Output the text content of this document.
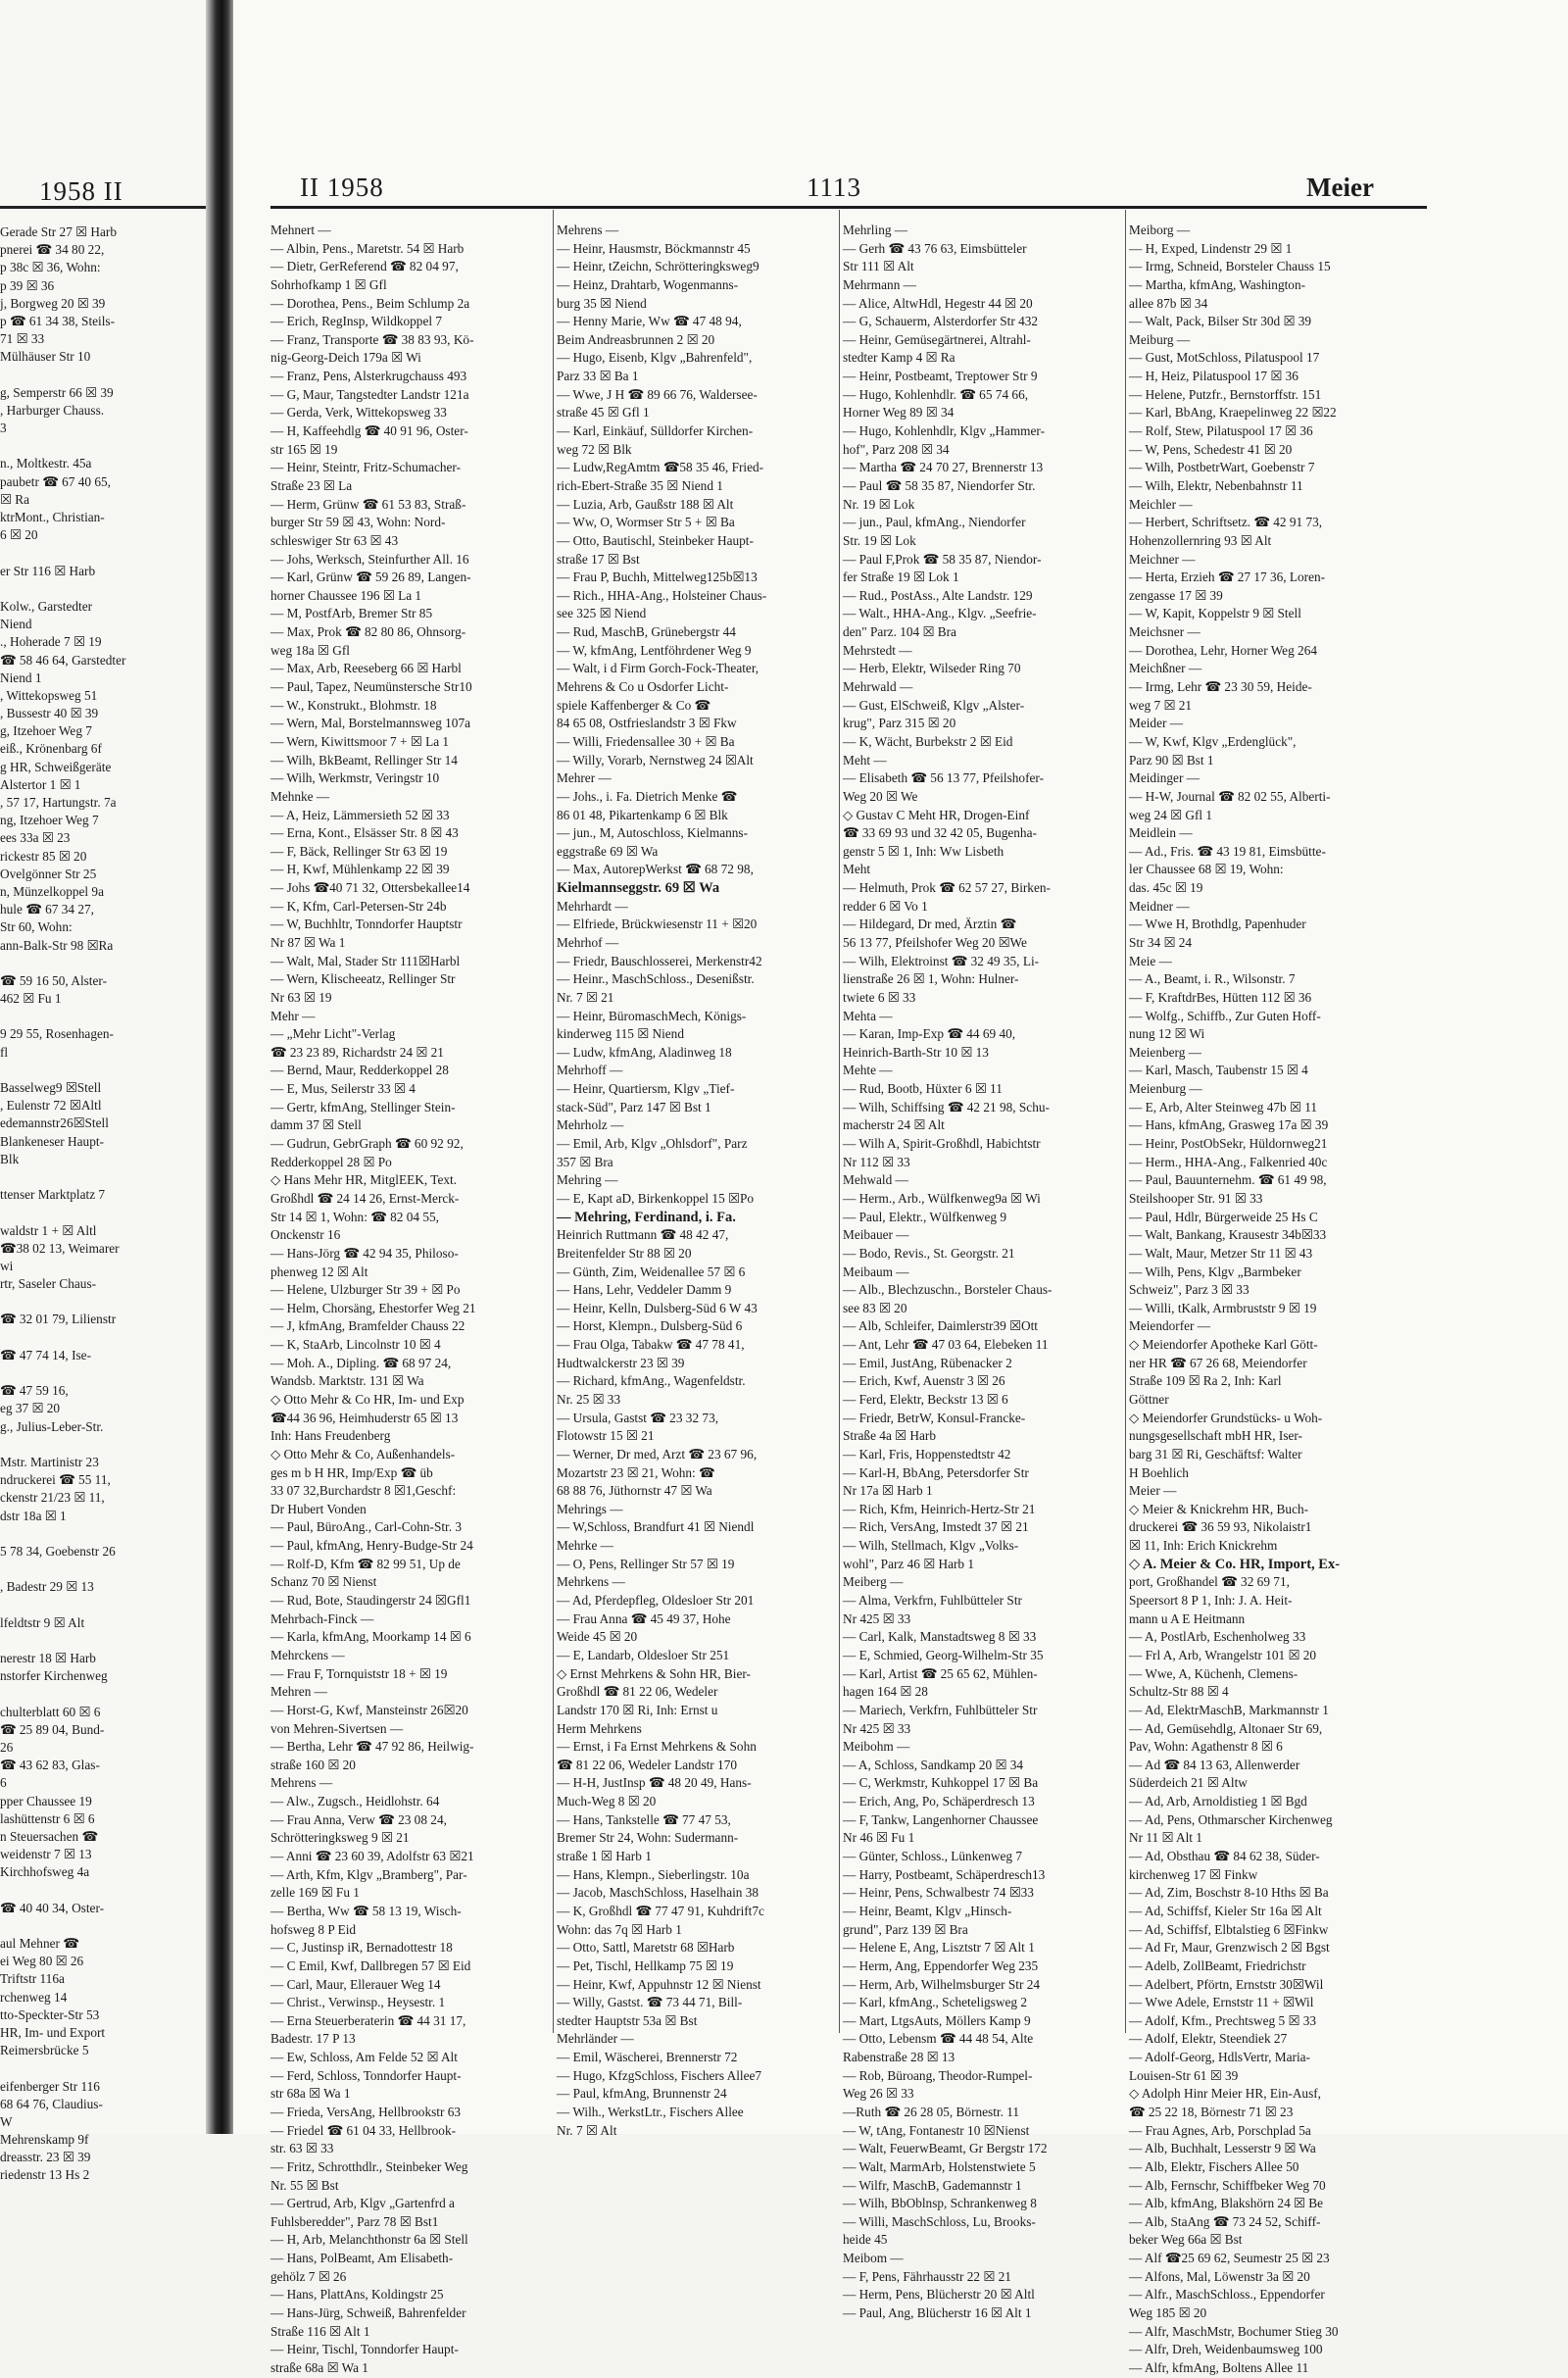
1958 II
Gerade Str 27 ☒ Harb
pnerei ☎ 34 80 22,
p 38c ☒ 36, Wohn:
p 39 ☒ 36
j, Borgweg 20 ☒ 39
p ☎ 61 34 38, Steils-
71 ☒ 33
Mülhäuser Str 10
g, Semperstr 66 ☒ 39
, Harburger Chauss.
3
n., Moltkestr. 45a
paubetr ☎ 67 40 65,
☒ Ra
ktrMont., Christian-
6 ☒ 20
er Str 116 ☒ Harb
Kolw., Garstedter
Niend
., Hoherade 7 ☒ 19
☎ 58 46 64, Garstedter
Niend 1
, Wittekopsweg 51
, Bussestr 40 ☒ 39
g, Itzehoer Weg 7
eiß., Krönenbarg 6f
g HR, Schweißgeräte
Alstertor 1 ☒ 1
, 57 17, Hartungstr. 7a
ng, Itzehoer Weg 7
ees 33a ☒ 23
rickestr 85 ☒ 20
Ovelgönner Str 25
n, Münzelkoppel 9a
hule ☎ 67 34 27,
Str 60, Wohn:
ann-Balk-Str 98 ☒Ra
☎ 59 16 50, Alster-
462 ☒ Fu 1
9 29 55, Rosenhagen-
fl
Basselweg9 ☒Stell
, Eulenstr 72 ☒Altl
edemannstr26☒Stell
Blankeneser Haupt-
Blk
ttenser Marktplatz 7
waldstr 1 + ☒ Altl
☎38 02 13, Weimarer
wi
rtr, Saseler Chaus-
☎ 32 01 79, Lilienstr
☎ 47 74 14, Ise-
☎ 47 59 16,
eg 37 ☒ 20
g., Julius-Leber-Str.
Mstr. Martinistr 23
ndruckerei ☎ 55 11,
ckenstr 21/23 ☒ 11,
dstr 18a ☒ 1
5 78 34, Goebenstr 26
, Badestr 29 ☒ 13
lfeldtstr 9 ☒ Alt
nerestr 18 ☒ Harb
nstorfer Kirchenweg
chulterblatt 60 ☒ 6
☎ 25 89 04, Bund-
26
☎ 43 62 83, Glas-
6
pper Chaussee 19
lashüttenstr 6 ☒ 6
n Steuersachen ☎
weidenstr 7 ☒ 13
Kirchhofsweg 4a
☎ 40 40 34, Oster-
aul Mehner ☎
ei Weg 80 ☒ 26
Triftstr 116a
rchenweg 14
tto-Speckter-Str 53
HR, Im- und Export
Reimersbrücke 5
eifenberger Str 116
68 64 76, Claudius-
W
Mehrenskamp 9f
dreasstr. 23 ☒ 39
riedenstr 13 Hs 2
II 1958	1113	Meier
Mehnert —
— Albin, Pens., Maretstr. 54 ☒ Harb
— Dietr, GerReferend ☎ 82 04 97,
Sohrhofkamp 1 ☒ Gfl
— Dorothea, Pens., Beim Schlump 2a
— Erich, RegInsp, Wildkoppel 7
— Franz, Transporte ☎ 38 83 93, Kö-
nig-Georg-Deich 179a ☒ Wi
— Franz, Pens, Alsterkrugchauss 493
— G, Maur, Tangstedter Landstr 121a
— Gerda, Verk, Wittekopsweg 33
— H, Kaffeehdlg ☎ 40 91 96, Oster-
str 165 ☒ 19
— Heinr, Steintr, Fritz-Schumacher-
Straße 23 ☒ La
— Herm, Grünw ☎ 61 53 83, Straß-
burger Str 59 ☒ 43, Wohn: Nord-
schleswiger Str 63 ☒ 43
— Johs, Werksch, Steinfurther All. 16
— Karl, Grünw ☎ 59 26 89, Langen-
horner Chaussee 196 ☒ La 1
— M, PostfArb, Bremer Str 85
— Max, Prok ☎ 82 80 86, Ohnsorg-
weg 18a ☒ Gfl
— Max, Arb, Reeseberg 66 ☒ Harbl
— Paul, Tapez, Neumünstersche Str10
— W., Konstrukt., Blohmstr. 18
— Wern, Mal, Borstelmannsweg 107a
— Wern, Kiwittsmoor 7 + ☒ La 1
— Wilh, BkBeamt, Rellinger Str 14
— Wilh, Werkmstr, Veringstr 10
Mehnke —
— A, Heiz, Lämmersieth 52 ☒ 33
— Erna, Kont., Elsässer Str. 8 ☒ 43
— F, Bäck, Rellinger Str 63 ☒ 19
— H, Kwf, Mühlenkamp 22 ☒ 39
— Johs ☎40 71 32, Ottersbekallee14
— K, Kfm, Carl-Petersen-Str 24b
— W, Buchhltr, Tonndorfer Hauptstr
Nr 87 ☒ Wa 1
— Walt, Mal, Stader Str 111☒Harbl
— Wern, Klischeeatz, Rellinger Str
Nr 63 ☒ 19
Mehr —
— „Mehr Licht"-Verlag
☎ 23 23 89, Richardstr 24 ☒ 21
— Bernd, Maur, Redderkoppel 28
— E, Mus, Seilerstr 33 ☒ 4
— Gertr, kfmAng, Stellinger Stein-
damm 37 ☒ Stell
— Gudrun, GebrGraph ☎ 60 92 92,
Redderkoppel 28 ☒ Po
◇ Hans Mehr HR, MitglEEK, Text.
Großhdl ☎ 24 14 26, Ernst-Merck-
Str 14 ☒ 1, Wohn: ☎ 82 04 55,
Onckenstr 16
— Hans-Jörg ☎ 42 94 35, Philoso-
phenweg 12 ☒ Alt
— Helene, Ulzburger Str 39 + ☒ Po
— Helm, Chorsäng, Ehestorfer Weg 21
— J, kfmAng, Bramfelder Chauss 22
— K, StaArb, Lincolnstr 10 ☒ 4
— Moh. A., Dipling. ☎ 68 97 24,
Wandsb. Marktstr. 131 ☒ Wa
◇ Otto Mehr & Co HR, Im- und Exp
☎44 36 96, Heimhuderstr 65 ☒ 13
Inh: Hans Freudenberg
◇ Otto Mehr & Co, Außenhandels-
ges m b H HR, Imp/Exp ☎ üb
33 07 32,Burchardstr 8 ☒1,Geschf:
Dr Hubert Vonden
— Paul, BüroAng., Carl-Cohn-Str. 3
— Paul, kfmAng, Henry-Budge-Str 24
— Rolf-D, Kfm ☎ 82 99 51, Up de
Schanz 70 ☒ Nienst
— Rud, Bote, Staudingerstr 24 ☒Gfl1
Mehrbach-Finck —
— Karla, kfmAng, Moorkamp 14 ☒ 6
Mehrckens —
— Frau F, Tornquiststr 18 + ☒ 19
Mehren —
— Horst-G, Kwf, Mansteinstr 26☒20
von Mehren-Sivertsen —
— Bertha, Lehr ☎ 47 92 86, Heilwig-
straße 160 ☒ 20
Mehrens —
— Alw., Zugsch., Heidlohstr. 64
— Frau Anna, Verw ☎ 23 08 24,
Schrötteringksweg 9 ☒ 21
— Anni ☎ 23 60 39, Adolfstr 63 ☒21
— Arth, Kfm, Klgv „Bramberg", Par-
zelle 169 ☒ Fu 1
— Bertha, Ww ☎ 58 13 19, Wisch-
hofsweg 8 P Eid
— C, Justinsp iR, Bernadottestr 18
— C Emil, Kwf, Dallbregen 57 ☒ Eid
— Carl, Maur, Ellerauer Weg 14
— Christ., Verwinsp., Heysestr. 1
— Erna Steuerberaterin ☎ 44 31 17,
Badestr. 17 P 13
— Ew, Schloss, Am Felde 52 ☒ Alt
— Ferd, Schloss, Tonndorfer Haupt-
str 68a ☒ Wa 1
— Frieda, VersAng, Hellbrookstr 63
— Friedel ☎ 61 04 33, Hellbrook-
str. 63 ☒ 33
— Fritz, Schrotthdlr., Steinbeker Weg
Nr. 55 ☒ Bst
— Gertrud, Arb, Klgv „Gartenfrd a
Fuhlsberedder", Parz 78 ☒ Bst1
— H, Arb, Melanchthonstr 6a ☒ Stell
— Hans, PolBeamt, Am Elisabeth-
gehölz 7 ☒ 26
— Hans, PlattAns, Koldingstr 25
— Hans-Jürg, Schweiß, Bahrenfelder
Straße 116 ☒ Alt 1
— Heinr, Tischl, Tonndorfer Haupt-
straße 68a ☒ Wa 1
Mehrens —
— Heinr, Hausmstr, Böckmannstr 45
— Heinr, tZeichn, Schrötteringksweg9
— Heinz, Drahtarb, Wogenmanns-
burg 35 ☒ Niend
— Henny Marie, Ww ☎ 47 48 94,
Beim Andreasbrunnen 2 ☒ 20
— Hugo, Eisenb, Klgv „Bahrenfeld",
Parz 33 ☒ Ba 1
— Wwe, J H ☎ 89 66 76, Waldersee-
straße 45 ☒ Gfl 1
— Karl, Einkäuf, Sülldorfer Kirchen-
weg 72 ☒ Blk
— Ludw,RegAmtm ☎58 35 46, Fried-
rich-Ebert-Straße 35 ☒ Niend 1
— Luzia, Arb, Gaußstr 188 ☒ Alt
— Ww, O, Wormser Str 5 + ☒ Ba
— Otto, Bautischl, Steinbeker Haupt-
straße 17 ☒ Bst
— Frau P, Buchh, Mittelweg125b☒13
— Rich., HHA-Ang., Holsteiner Chaus-
see 325 ☒ Niend
— Rud, MaschB, Grünebergstr 44
— W, kfmAng, Lentföhrdener Weg 9
— Walt, i d Firm Gorch-Fock-Theater,
Mehrens & Co u Osdorfer Licht-
spiele Kaffenberger & Co ☎
84 65 08, Ostfrieslandstr 3 ☒ Fkw
— Willi, Friedensallee 30 + ☒ Ba
— Willy, Vorarb, Nernstweg 24 ☒Alt
Mehrer —
— Johs., i. Fa. Dietrich Menke ☎
86 01 48, Pikartenkamp 6 ☒ Blk
— jun., M, Autoschloss, Kielmanns-
eggstraße 69 ☒ Wa
— Max, AutorepWerkst ☎ 68 72 98,
Kielmannseggstr. 69 ☒ Wa
Mehrhardt —
— Elfriede, Brückwiesenstr 11 + ☒20
Mehrhof —
— Friedr, Bauschlosserei, Merkenstr42
— Heinr., MaschSchloss., Desenißstr.
Nr. 7 ☒ 21
— Heinr, BüromaschMech, Königs-
kinderweg 115 ☒ Niend
— Ludw, kfmAng, Aladinweg 18
Mehrhoff —
— Heinr, Quartiersm, Klgv „Tief-
stack-Süd", Parz 147 ☒ Bst 1
Mehrholz —
— Emil, Arb, Klgv „Ohlsdorf", Parz
357 ☒ Bra
Mehring —
— E, Kapt aD, Birkenkoppel 15 ☒Po
— Mehring, Ferdinand, i. Fa.
Heinrich Ruttmann ☎ 48 42 47,
Breitenfelder Str 88 ☒ 20
— Günth, Zim, Weidenallee 57 ☒ 6
— Hans, Lehr, Veddeler Damm 9
— Heinr, Kelln, Dulsberg-Süd 6 W 43
— Horst, Klempn., Dulsberg-Süd 6
— Frau Olga, Tabakw ☎ 47 78 41,
Hudtwalckerstr 23 ☒ 39
— Richard, kfmAng., Wagenfeldstr.
Nr. 25 ☒ 33
— Ursula, Gastst ☎ 23 32 73,
Flotowstr 15 ☒ 21
— Werner, Dr med, Arzt ☎ 23 67 96,
Mozartstr 23 ☒ 21, Wohn: ☎
68 88 76, Jüthornstr 47 ☒ Wa
Mehrings —
— W,Schloss, Brandfurt 41 ☒ Niendl
Mehrke —
— O, Pens, Rellinger Str 57 ☒ 19
Mehrkens —
— Ad, Pferdepfleg, Oldesloer Str 201
— Frau Anna ☎ 45 49 37, Hohe
Weide 45 ☒ 20
— E, Landarb, Oldesloer Str 251
◇ Ernst Mehrkens & Sohn HR, Bier-
Großhdl ☎ 81 22 06, Wedeler
Landstr 170 ☒ Ri, Inh: Ernst u
Herm Mehrkens
— Ernst, i Fa Ernst Mehrkens & Sohn
☎ 81 22 06, Wedeler Landstr 170
— H-H, JustInsp ☎ 48 20 49, Hans-
Much-Weg 8 ☒ 20
— Hans, Tankstelle ☎ 77 47 53,
Bremer Str 24, Wohn: Sudermann-
straße 1 ☒ Harb 1
— Hans, Klempn., Sieberlingstr. 10a
— Jacob, MaschSchloss, Haselhain 38
— K, Großhdl ☎ 77 47 91, Kuhdrift7c
Wohn: das 7q ☒ Harb 1
— Otto, Sattl, Maretstr 68 ☒Harb
— Pet, Tischl, Hellkamp 75 ☒ 19
— Heinr, Kwf, Appuhnstr 12 ☒ Nienst
— Willy, Gastst. ☎ 73 44 71, Bill-
stedter Hauptstr 53a ☒ Bst
Mehrländer —
— Emil, Wäscherei, Brennerstr 72
— Hugo, KfzgSchloss, Fischers Allee7
— Paul, kfmAng, Brunnenstr 24
— Wilh., WerkstLtr., Fischers Allee
Nr. 7 ☒ Alt
Mehrling —
— Gerh ☎ 43 76 63, Eimsbütteler
Str 111 ☒ Alt
Mehrmann —
— Alice, AltwHdl, Hegestr 44 ☒ 20
— G, Schauerm, Alsterdorfer Str 432
— Heinr, Gemüsegärtnerei, Altrahl-
stedter Kamp 4 ☒ Ra
— Heinr, Postbeamt, Treptower Str 9
— Hugo, Kohlenhdlr. ☎ 65 74 66,
Horner Weg 89 ☒ 34
— Hugo, Kohlenhdlr, Klgv „Hammer-
hof", Parz 208 ☒ 34
— Martha ☎ 24 70 27, Brennerstr 13
— Paul ☎ 58 35 87, Niendorfer Str.
Nr. 19 ☒ Lok
— jun., Paul, kfmAng., Niendorfer
Str. 19 ☒ Lok
— Paul F,Prok ☎ 58 35 87, Niendor-
fer Straße 19 ☒ Lok 1
— Rud., PostAss., Alte Landstr. 129
— Walt., HHA-Ang., Klgv. „Seefrie-
den" Parz. 104 ☒ Bra
Mehrstedt —
— Herb, Elektr, Wilseder Ring 70
Mehrwald —
— Gust, ElSchweiß, Klgv „Alster-
krug", Parz 315 ☒ 20
— K, Wächt, Burbekstr 2 ☒ Eid
Meht —
— Elisabeth ☎ 56 13 77, Pfeilshofer-
Weg 20 ☒ We
◇ Gustav C Meht HR, Drogen-Einf
☎ 33 69 93 und 32 42 05, Bugenha-
genstr 5 ☒ 1, Inh: Ww Lisbeth
Meht
— Helmuth, Prok ☎ 62 57 27, Birken-
redder 6 ☒ Vo 1
— Hildegard, Dr med, Ärztin ☎
56 13 77, Pfeilshofer Weg 20 ☒We
— Wilh, Elektroinst ☎ 32 49 35, Li-
lienstraße 26 ☒ 1, Wohn: Hulner-
twiete 6 ☒ 33
Mehta —
— Karan, Imp-Exp ☎ 44 69 40,
Heinrich-Barth-Str 10 ☒ 13
Mehte —
— Rud, Bootb, Hüxter 6 ☒ 11
— Wilh, Schiffsing ☎ 42 21 98, Schu-
macherstr 24 ☒ Alt
— Wilh A, Spirit-Großhdl, Habichtstr
Nr 112 ☒ 33
Mehwald —
— Herm., Arb., Wülfkenweg9a ☒ Wi
— Paul, Elektr., Wülfkenweg 9
Meibauer —
— Bodo, Revis., St. Georgstr. 21
Meibaum —
— Alb., Blechzuschn., Borsteler Chaus-
see 83 ☒ 20
— Alb, Schleifer, Daimlerstr39 ☒Ott
— Ant, Lehr ☎ 47 03 64, Elebeken 11
— Emil, JustAng, Rübenacker 2
— Erich, Kwf, Auenstr 3 ☒ 26
— Ferd, Elektr, Beckstr 13 ☒ 6
— Friedr, BetrW, Konsul-Francke-
Straße 4a ☒ Harb
— Karl, Fris, Hoppenstedtstr 42
— Karl-H, BbAng, Petersdorfer Str
Nr 17a ☒ Harb 1
— Rich, Kfm, Heinrich-Hertz-Str 21
— Rich, VersAng, Imstedt 37 ☒ 21
— Wilh, Stellmach, Klgv „Volks-
wohl", Parz 46 ☒ Harb 1
Meiberg —
— Alma, Verkfrn, Fuhlbütteler Str
Nr 425 ☒ 33
— Carl, Kalk, Manstadtsweg 8 ☒ 33
— E, Schmied, Georg-Wilhelm-Str 35
— Karl, Artist ☎ 25 65 62, Mühlen-
hagen 164 ☒ 28
— Mariech, Verkfrn, Fuhlbütteler Str
Nr 425 ☒ 33
Meibohm —
— A, Schloss, Sandkamp 20 ☒ 34
— C, Werkmstr, Kuhkoppel 17 ☒ Ba
— Erich, Ang, Po, Schäperdresch 13
— F, Tankw, Langenhorner Chaussee
Nr 46 ☒ Fu 1
— Günter, Schloss., Lünkenweg 7
— Harry, Postbeamt, Schäperdresch13
— Heinr, Pens, Schwalbestr 74 ☒33
— Heinr, Beamt, Klgv „Hinsch-
grund", Parz 139 ☒ Bra
— Helene E, Ang, Lisztstr 7 ☒ Alt 1
— Herm, Ang, Eppendorfer Weg 235
— Herm, Arb, Wilhelmsburger Str 24
— Karl, kfmAng., Scheteligsweg 2
— Mart, LtgsAuts, Möllers Kamp 9
— Otto, Lebensm ☎ 44 48 54, Alte
Rabenstraße 28 ☒ 13
— Rob, Büroang, Theodor-Rumpel-
Weg 26 ☒ 33
—Ruth ☎ 26 28 05, Börnestr. 11
— W, tAng, Fontanestr 10 ☒Nienst
— Walt, FeuerwBeamt, Gr Bergstr 172
— Walt, MarmArb, Holstenstwiete 5
— Wilfr, MaschB, Gademannstr 1
— Wilh, BbOblnsp, Schrankenweg 8
— Willi, MaschSchloss, Lu, Brooks-
heide 45
Meibom —
— F, Pens, Fährhausstr 22 ☒ 21
— Herm, Pens, Blücherstr 20 ☒ Altl
— Paul, Ang, Blücherstr 16 ☒ Alt 1
Meiborg —
— H, Exped, Lindenstr 29 ☒ 1
— Irmg, Schneid, Borsteler Chauss 15
— Martha, kfmAng, Washington-
allee 87b ☒ 34
— Walt, Pack, Bilser Str 30d ☒ 39
Meiburg —
— Gust, MotSchloss, Pilatuspool 17
— H, Heiz, Pilatuspool 17 ☒ 36
— Helene, Putzfr., Bernstorffstr. 151
— Karl, BbAng, Kraepelinweg 22 ☒22
— Rolf, Stew, Pilatuspool 17 ☒ 36
— W, Pens, Schedestr 41 ☒ 20
— Wilh, PostbetrWart, Goebenstr 7
— Wilh, Elektr, Nebenbahnstr 11
Meichler —
— Herbert, Schriftsetz. ☎ 42 91 73,
Hohenzollernring 93 ☒ Alt
Meichner —
— Herta, Erzieh ☎ 27 17 36, Loren-
zengasse 17 ☒ 39
— W, Kapit, Koppelstr 9 ☒ Stell
Meichsner —
— Dorothea, Lehr, Horner Weg 264
Meichßner —
— Irmg, Lehr ☎ 23 30 59, Heide-
weg 7 ☒ 21
Meider —
— W, Kwf, Klgv „Erdenglück",
Parz 90 ☒ Bst 1
Meidinger —
— H-W, Journal ☎ 82 02 55, Alberti-
weg 24 ☒ Gfl 1
Meidlein —
— Ad., Fris. ☎ 43 19 81, Eimsbütte-
ler Chaussee 68 ☒ 19, Wohn:
das. 45c ☒ 19
Meidner —
— Wwe H, Brothdlg, Papenhuder
Str 34 ☒ 24
Meie —
— A., Beamt, i. R., Wilsonstr. 7
— F, KraftdrBes, Hütten 112 ☒ 36
— Wolfg., Schiffb., Zur Guten Hoff-
nung 12 ☒ Wi
Meienberg —
— Karl, Masch, Taubenstr 15 ☒ 4
Meienburg —
— E, Arb, Alter Steinweg 47b ☒ 11
— Hans, kfmAng, Grasweg 17a ☒ 39
— Heinr, PostObSekr, Hüldornweg21
— Herm., HHA-Ang., Falkenried 40c
— Paul, Bauunternehm. ☎ 61 49 98,
Steilshooper Str. 91 ☒ 33
— Paul, Hdlr, Bürgerweide 25 Hs C
— Walt, Bankang, Krausestr 34b☒33
— Walt, Maur, Metzer Str 11 ☒ 43
— Wilh, Pens, Klgv „Barmbeker
Schweiz", Parz 3 ☒ 33
— Willi, tKalk, Armbruststr 9 ☒ 19
Meiendorfer —
◇ Meiendorfer Apotheke Karl Gött-
ner HR ☎ 67 26 68, Meiendorfer
Straße 109 ☒ Ra 2, Inh: Karl
Göttner
◇ Meiendorfer Grundstücks- u Woh-
nungsgesellschaft mbH HR, Iser-
barg 31 ☒ Ri, Geschäftsf: Walter
H Boehlich
Meier —
◇ Meier & Knickrehm HR, Buch-
druckerei ☎ 36 59 93, Nikolaistr1
☒ 11, Inh: Erich Knickrehm
◇ A. Meier & Co. HR, Import, Ex-
port, Großhandel ☎ 32 69 71,
Speersort 8 P 1, Inh: J. A. Heit-
mann u A E Heitmann
— A, PostlArb, Eschenholweg 33
— Frl A, Arb, Wrangelstr 101 ☒ 20
— Wwe, A, Küchenh, Clemens-
Schultz-Str 88 ☒ 4
— Ad, ElektrMaschB, Markmannstr 1
— Ad, Gemüsehdlg, Altonaer Str 69,
Pav, Wohn: Agathenstr 8 ☒ 6
— Ad ☎ 84 13 63, Allenwerder
Süderdeich 21 ☒ Altw
— Ad, Arb, Arnoldistieg 1 ☒ Bgd
— Ad, Pens, Othmarscher Kirchenweg
Nr 11 ☒ Alt 1
— Ad, Obsthau ☎ 84 62 38, Süder-
kirchenweg 17 ☒ Finkw
— Ad, Zim, Boschstr 8-10 Hths ☒ Ba
— Ad, Schiffsf, Kieler Str 16a ☒ Alt
— Ad, Schiffsf, Elbtalstieg 6 ☒Finkw
— Ad Fr, Maur, Grenzwisch 2 ☒ Bgst
— Adelb, ZollBeamt, Friedrichstr
— Adelbert, Pförtn, Ernststr 30☒Wil
— Wwe Adele, Ernststr 11 + ☒Wil
— Adolf, Kfm., Prechtsweg 5 ☒ 33
— Adolf, Elektr, Steendiek 27
— Adolf-Georg, HdlsVertr, Maria-
Louisen-Str 61 ☒ 39
◇ Adolph Hinr Meier HR, Ein-Ausf,
☎ 25 22 18, Börnestr 71 ☒ 23
— Frau Agnes, Arb, Porschplad 5a
— Alb, Buchhalt, Lesserstr 9 ☒ Wa
— Alb, Elektr, Fischers Allee 50
— Alb, Fernschr, Schiffbeker Weg 70
— Alb, kfmAng, Blakshörn 24 ☒ Be
— Alb, StaAng ☎ 73 24 52, Schiff-
beker Weg 66a ☒ Bst
— Alf ☎25 69 62, Seumestr 25 ☒ 23
— Alfons, Mal, Löwenstr 3a ☒ 20
— Alfr., MaschSchloss., Eppendorfer
Weg 185 ☒ 20
— Alfr, MaschMstr, Bochumer Stieg 30
— Alfr, Dreh, Weidenbaumsweg 100
— Alfr, kfmAng, Boltens Allee 11
